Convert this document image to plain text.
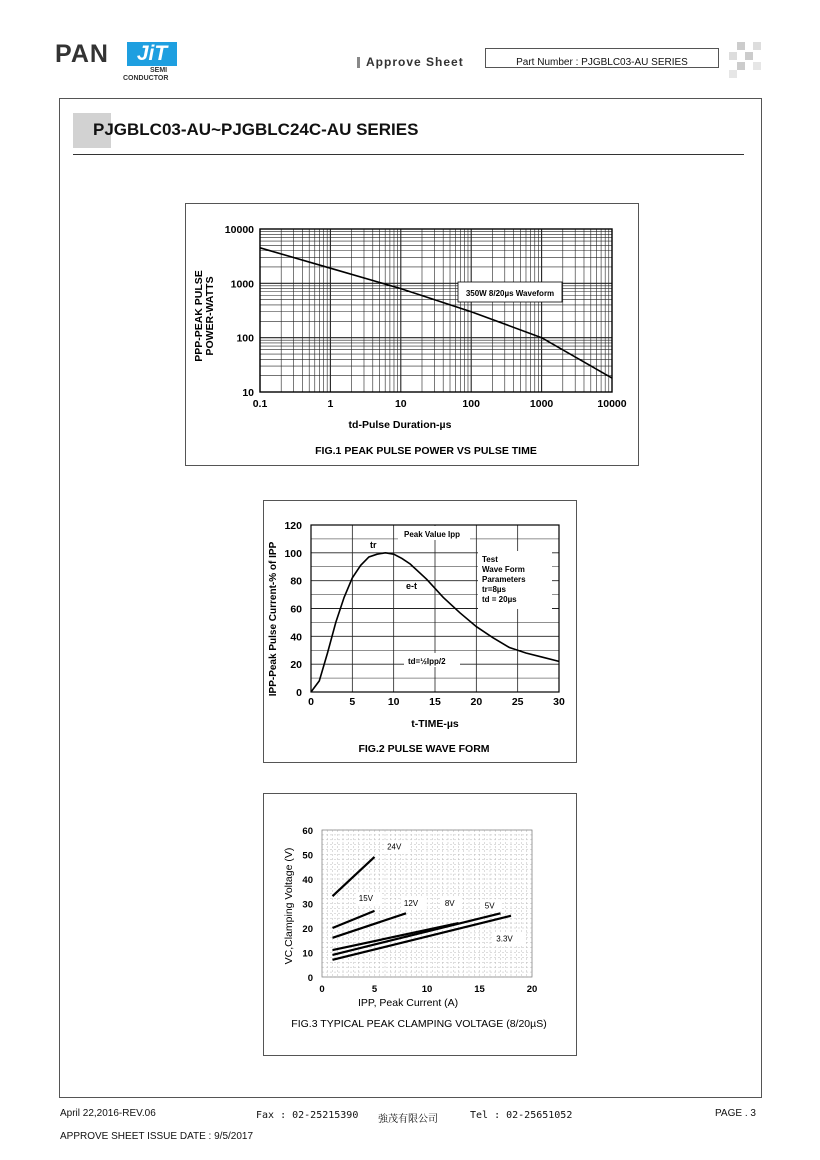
PAN	JiT
SEMI
CONDUCTOR
Approve Sheet	Part Number : PJGBLC03-AU SERIES
PJGBLC03-AU~PJGBLC24C-AU SERIES
0.1	1	10	100	1000	10000
10
100
1000
10000
350W 8/20µs Waveform
td-Pulse Duration-µs
PPP-PEAK PULSE POWER-WATTS
FIG.1 PEAK PULSE POWER VS PULSE TIME
0	5	10	15	20	25	30
0
20
40
60
80
100
120
Peak Value Ipp
tr
e-t
Test
Wave Form
Parameters
tr=8µs
td = 20µs
td=½Ipp/2
t-TIME-µs
IPP-Peak Pulse Current-% of IPP
FIG.2 PULSE WAVE FORM
0	5	10	15	20
0
10
20
30
40
50
60
24V
15V
12V	8V	5V
3.3V
IPP, Peak Current (A)
VC,Clamping Voltage (V)
FIG.3 TYPICAL PEAK CLAMPING VOLTAGE (8/20µS)
April 22,2016-REV.06	Fax : 02-25215390 強茂有限公司	Tel : 02-25651052	PAGE . 3
APPROVE SHEET ISSUE DATE : 9/5/2017
